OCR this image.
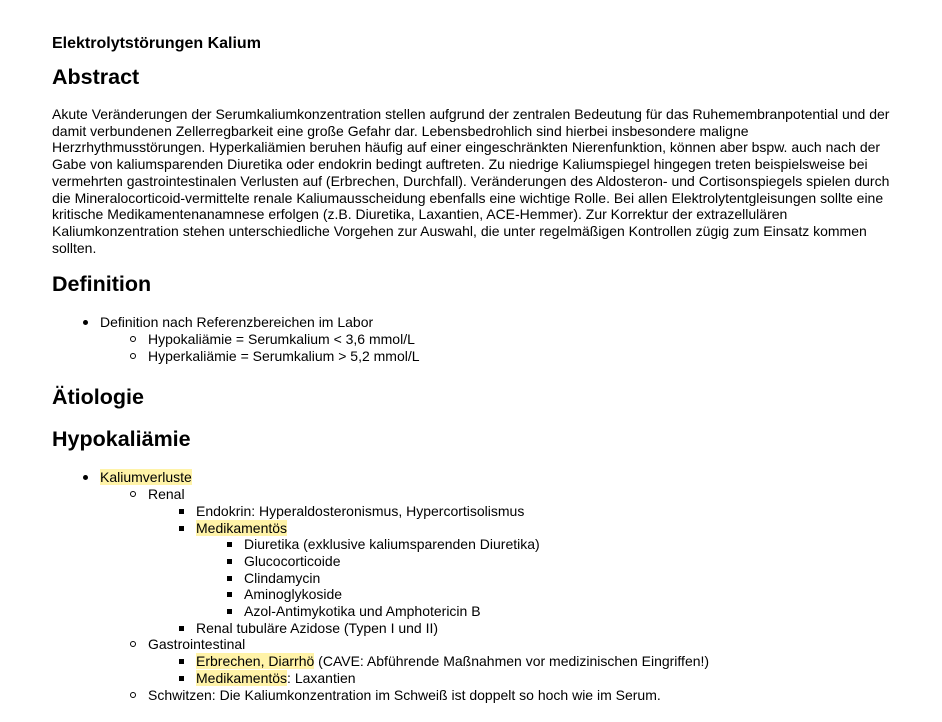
Elektrolytstörungen Kalium
Abstract

Akute Veränderungen der Serumkaliumkonzentration stellen aufgrund der zentralen Bedeutung für das Ruhemembranpotential und der damit verbundenen Zellerregbarkeit eine große Gefahr dar. Lebensbedrohlich sind hierbei insbesondere maligne Herzrhythmusstörungen. Hyperkaliämien beruhen häufig auf einer eingeschränkten Nierenfunktion, können aber bspw. auch nach der Gabe von kaliumsparenden Diuretika oder endokrin bedingt auftreten. Zu niedrige Kaliumspiegel hingegen treten beispielsweise bei vermehrten gastrointestinalen Verlusten auf (Erbrechen, Durchfall). Veränderungen des Aldosteron- und Cortisonspiegels spielen durch die Mineralocorticoid-vermittelte renale Kaliumausscheidung ebenfalls eine wichtige Rolle. Bei allen Elektrolytentgleisungen sollte eine kritische Medikamentenanamnese erfolgen (z.B. Diuretika, Laxantien, ACE-Hemmer). Zur Korrektur der extrazellulären Kaliumkonzentration stehen unterschiedliche Vorgehen zur Auswahl, die unter regelmäßigen Kontrollen zügig zum Einsatz kommen sollten.

Definition
Definition nach Referenzbereichen im Labor
Hypokaliämie = Serumkalium < 3,6 mmol/L
Hyperkaliämie = Serumkalium > 5,2 mmol/L
Ätiologie
Hypokaliämie
Kaliumverluste
Renal
Endokrin: Hyperaldosteronismus, Hypercortisolismus
Medikamentös
Diuretika (exklusive kaliumsparenden Diuretika)
Glucocorticoide
Clindamycin
Aminoglykoside
Azol-Antimykotika und Amphotericin B
Renal tubuläre Azidose (Typen I und II)
Gastrointestinal
Erbrechen, Diarrhö (CAVE: Abführende Maßnahmen vor medizinischen Eingriffen!)
Medikamentös: Laxantien
Schwitzen: Die Kaliumkonzentration im Schweiß ist doppelt so hoch wie im Serum.
